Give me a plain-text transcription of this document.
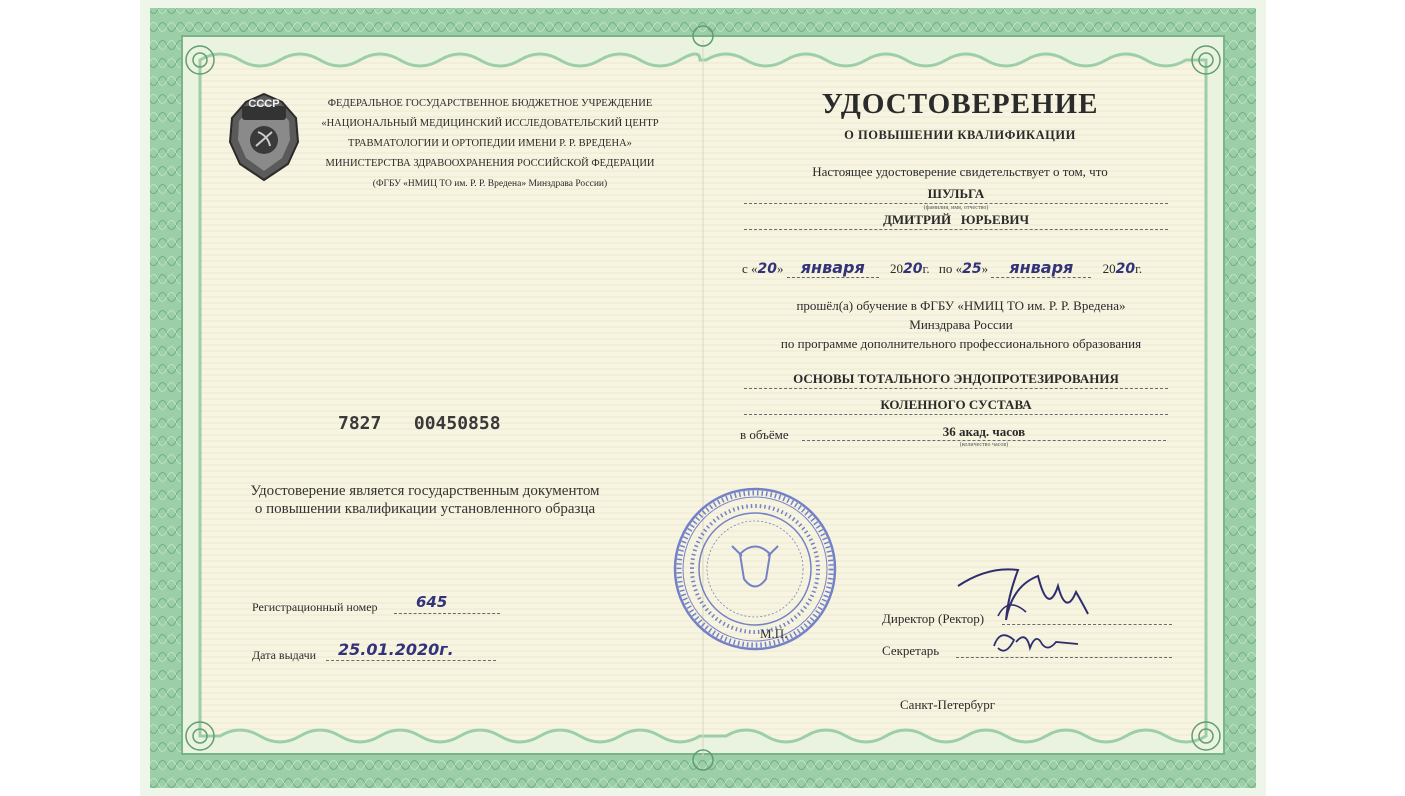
СССР	ФЕДЕРАЛЬНОЕ ГОСУДАРСТВЕННОЕ БЮДЖЕТНОЕ УЧРЕЖДЕНИЕ
«НАЦИОНАЛЬНЫЙ МЕДИЦИНСКИЙ ИССЛЕДОВАТЕЛЬСКИЙ ЦЕНТР
ТРАВМАТОЛОГИИ И ОРТОПЕДИИ ИМЕНИ Р. Р. ВРЕДЕНА»
МИНИСТЕРСТВА ЗДРАВООХРАНЕНИЯ РОССИЙСКОЙ ФЕДЕРАЦИИ
(ФГБУ «НМИЦ ТО им. Р. Р. Вредена» Минздрава России)
7827   00450858
Удостоверение является государственным документом
о повышении квалификации установленного образца
Регистрационный номер	645
Дата выдачи 25.01.2020г.
УДОСТОВЕРЕНИЕ
О ПОВЫШЕНИИ КВАЛИФИКАЦИИ
Настоящее удостоверение свидетельствует о том, что
ШУЛЬГА
(фамилия, имя, отчество)
ДМИТРИЙ   ЮРЬЕВИЧ
с «20» января 2020г. по «25» января 2020г.
прошёл(а) обучение в ФГБУ «НМИЦ ТО им. Р. Р. Вредена»
Минздрава России
по программе дополнительного профессионального образования
ОСНОВЫ ТОТАЛЬНОГО ЭНДОПРОТЕЗИРОВАНИЯ
КОЛЕННОГО СУСТАВА
в объёме	36 акад. часов
(количество часов)
М.П.
Директор (Ректор)
Секретарь
Санкт-Петербург
